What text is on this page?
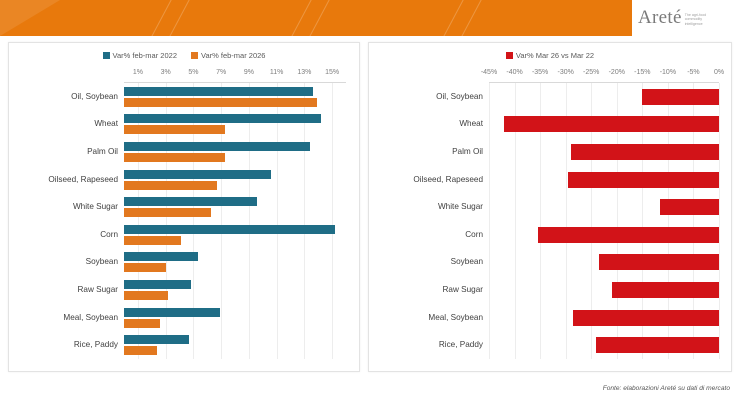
Areté The agri-food
commodity
intelligence
Var% feb-mar 2022	Var% feb-mar 2026
1%	3%	5%	7%	9% 11% 13% 15%
Oil, Soybean
Wheat
Palm Oil
Oilseed, Rapeseed
White Sugar
Corn
Soybean
Raw Sugar
Meal, Soybean
Rice, Paddy
Var% Mar 26 vs Mar 22
-45% -40% -35% -30% -25% -20% -15% -10% -5% 0%
Oil, Soybean
Wheat
Palm Oil
Oilseed, Rapeseed
White Sugar
Corn
Soybean
Raw Sugar
Meal, Soybean
Rice, Paddy
Fonte: elaborazioni Areté su dati di mercato
